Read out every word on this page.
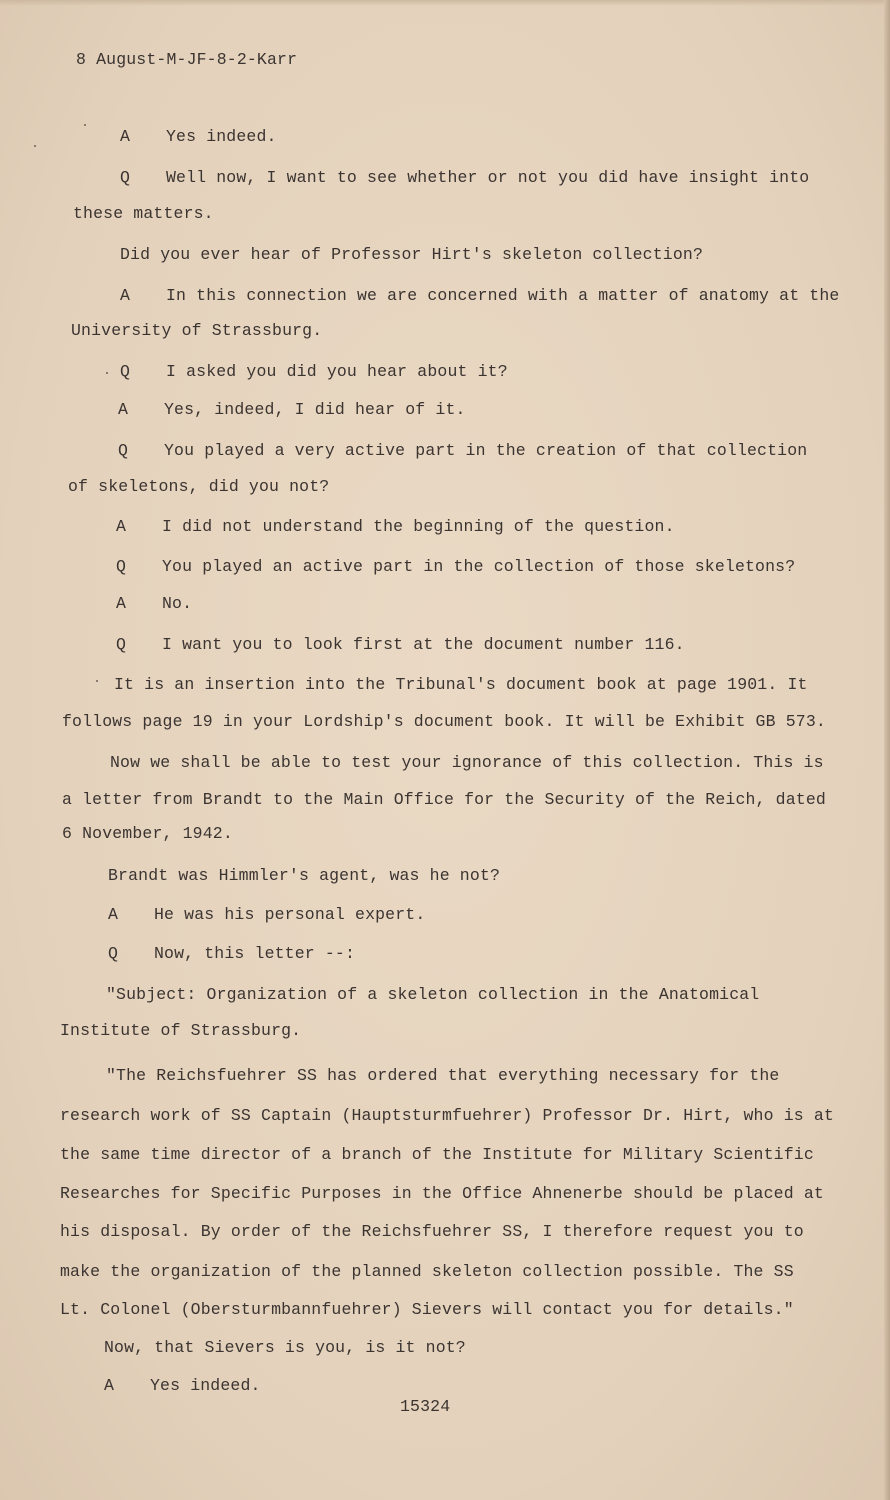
8 August-M-JF-8-2-Karr
A Yes indeed.
Q Well now, I want to see whether or not you did have insight into
these matters.
Did you ever hear of Professor Hirt's skeleton collection?
A In this connection we are concerned with a matter of anatomy at the
University of Strassburg.
Q I asked you did you hear about it?
A Yes, indeed, I did hear of it.
Q You played a very active part in the creation of that collection
of skeletons, did you not?
A I did not understand the beginning of the question.
Q You played an active part in the collection of those skeletons?
A No.
Q I want you to look first at the document number 116.
It is an insertion into the Tribunal's document book at page 1901. It
follows page 19 in your Lordship's document book. It will be Exhibit GB 573.
Now we shall be able to test your ignorance of this collection. This is
a letter from Brandt to the Main Office for the Security of the Reich, dated
6 November, 1942.
Brandt was Himmler's agent, was he not?
A He was his personal expert.
Q Now, this letter --:
"Subject: Organization of a skeleton collection in the Anatomical
Institute of Strassburg.
"The Reichsfuehrer SS has ordered that everything necessary for the
research work of SS Captain (Hauptsturmfuehrer) Professor Dr. Hirt, who is at
the same time director of a branch of the Institute for Military Scientific
Researches for Specific Purposes in the Office Ahnenerbe should be placed at
his disposal. By order of the Reichsfuehrer SS, I therefore request you to
make the organization of the planned skeleton collection possible. The SS
Lt. Colonel (Obersturmbannfuehrer) Sievers will contact you for details."
Now, that Sievers is you, is it not?
A Yes indeed.
15324
